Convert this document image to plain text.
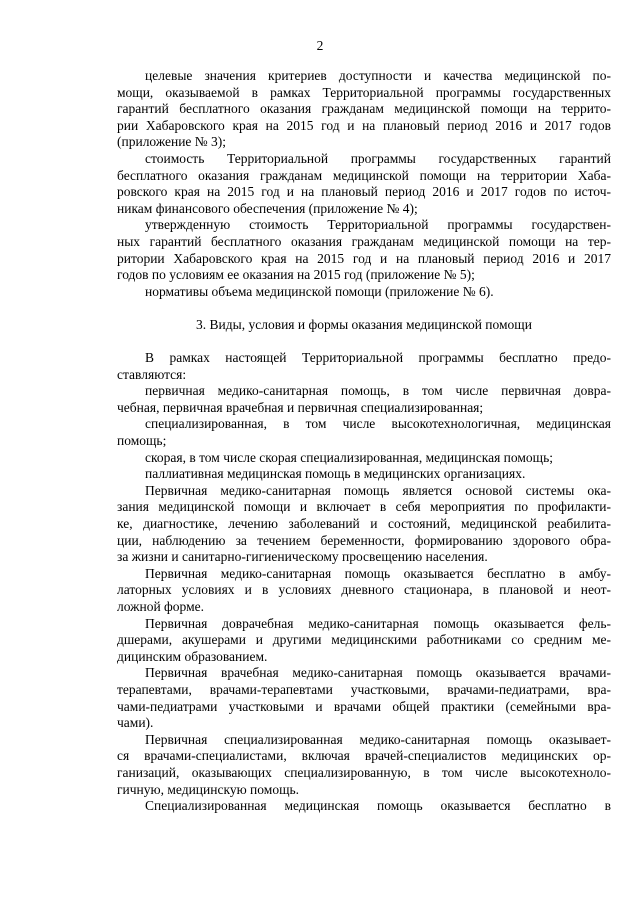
2
целевые значения критериев доступности и качества медицинской по-
мощи, оказываемой в рамках Территориальной программы государственных
гарантий бесплатного оказания гражданам медицинской помощи на террито-
рии Хабаровского края на 2015 год и на плановый период 2016 и 2017 годов
(приложение № 3);
стоимость Территориальной программы государственных гарантий
бесплатного оказания гражданам медицинской помощи на территории Хаба-
ровского края на 2015 год и на плановый период 2016 и 2017 годов по источ-
никам финансового обеспечения (приложение № 4);
утвержденную стоимость Территориальной программы государствен-
ных гарантий бесплатного оказания гражданам медицинской помощи на тер-
ритории Хабаровского края на 2015 год и на плановый период 2016 и 2017
годов по условиям ее оказания на 2015 год (приложение № 5);
нормативы объема медицинской помощи (приложение № 6).
3. Виды, условия и формы оказания медицинской помощи
В рамках настоящей Территориальной программы бесплатно предо-
ставляются:
первичная медико-санитарная помощь, в том числе первичная довра-
чебная, первичная врачебная и первичная специализированная;
специализированная, в том числе высокотехнологичная, медицинская
помощь;
скорая, в том числе скорая специализированная, медицинская помощь;
паллиативная медицинская помощь в медицинских организациях.
Первичная медико-санитарная помощь является основой системы ока-
зания медицинской помощи и включает в себя мероприятия по профилакти-
ке, диагностике, лечению заболеваний и состояний, медицинской реабилита-
ции, наблюдению за течением беременности, формированию здорового обра-
за жизни и санитарно-гигиеническому просвещению населения.
Первичная медико-санитарная помощь оказывается бесплатно в амбу-
латорных условиях и в условиях дневного стационара, в плановой и неот-
ложной форме.
Первичная доврачебная медико-санитарная помощь оказывается фель-
дшерами, акушерами и другими медицинскими работниками со средним ме-
дицинским образованием.
Первичная врачебная медико-санитарная помощь оказывается врачами-
терапевтами, врачами-терапевтами участковыми, врачами-педиатрами, вра-
чами-педиатрами участковыми и врачами общей практики (семейными вра-
чами).
Первичная специализированная медико-санитарная помощь оказывает-
ся врачами-специалистами, включая врачей-специалистов медицинских ор-
ганизаций, оказывающих специализированную, в том числе высокотехноло-
гичную, медицинскую помощь.
Специализированная медицинская помощь оказывается бесплатно в
